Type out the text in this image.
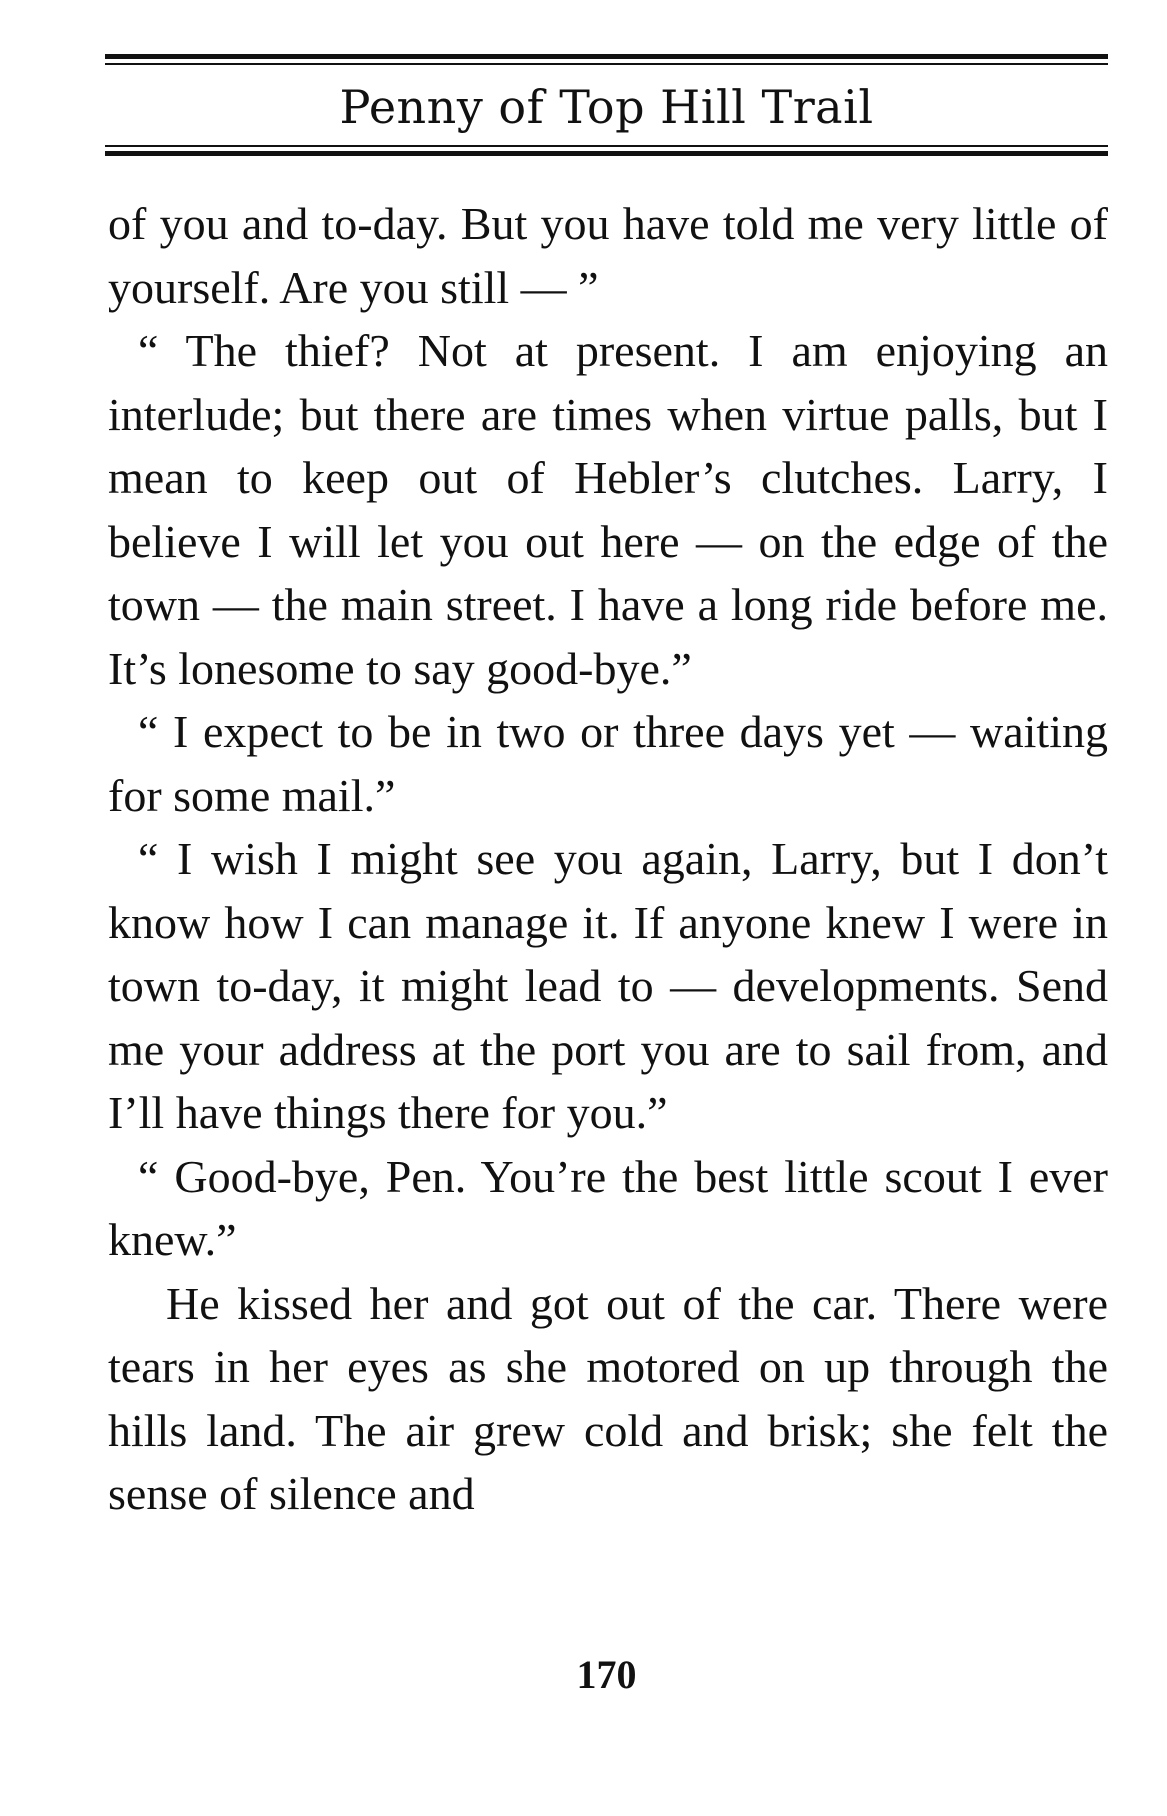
Penny of Top Hill Trail

of you and to-day. But you have told me very little of yourself. Are you still — ”

“ The thief? Not at present. I am enjoying an interlude; but there are times when virtue palls, but I mean to keep out of Hebler’s clutches. Larry, I believe I will let you out here — on the edge of the town — the main street. I have a long ride before me. It’s lonesome to say good-bye.”

“ I expect to be in two or three days yet — waiting for some mail.”

“ I wish I might see you again, Larry, but I don’t know how I can manage it. If anyone knew I were in town to-day, it might lead to — developments. Send me your address at the port you are to sail from, and I’ll have things there for you.”

“ Good-bye, Pen. You’re the best little scout I ever knew.”

He kissed her and got out of the car. There were tears in her eyes as she motored on up through the hills land. The air grew cold and brisk; she felt the sense of silence and

170
